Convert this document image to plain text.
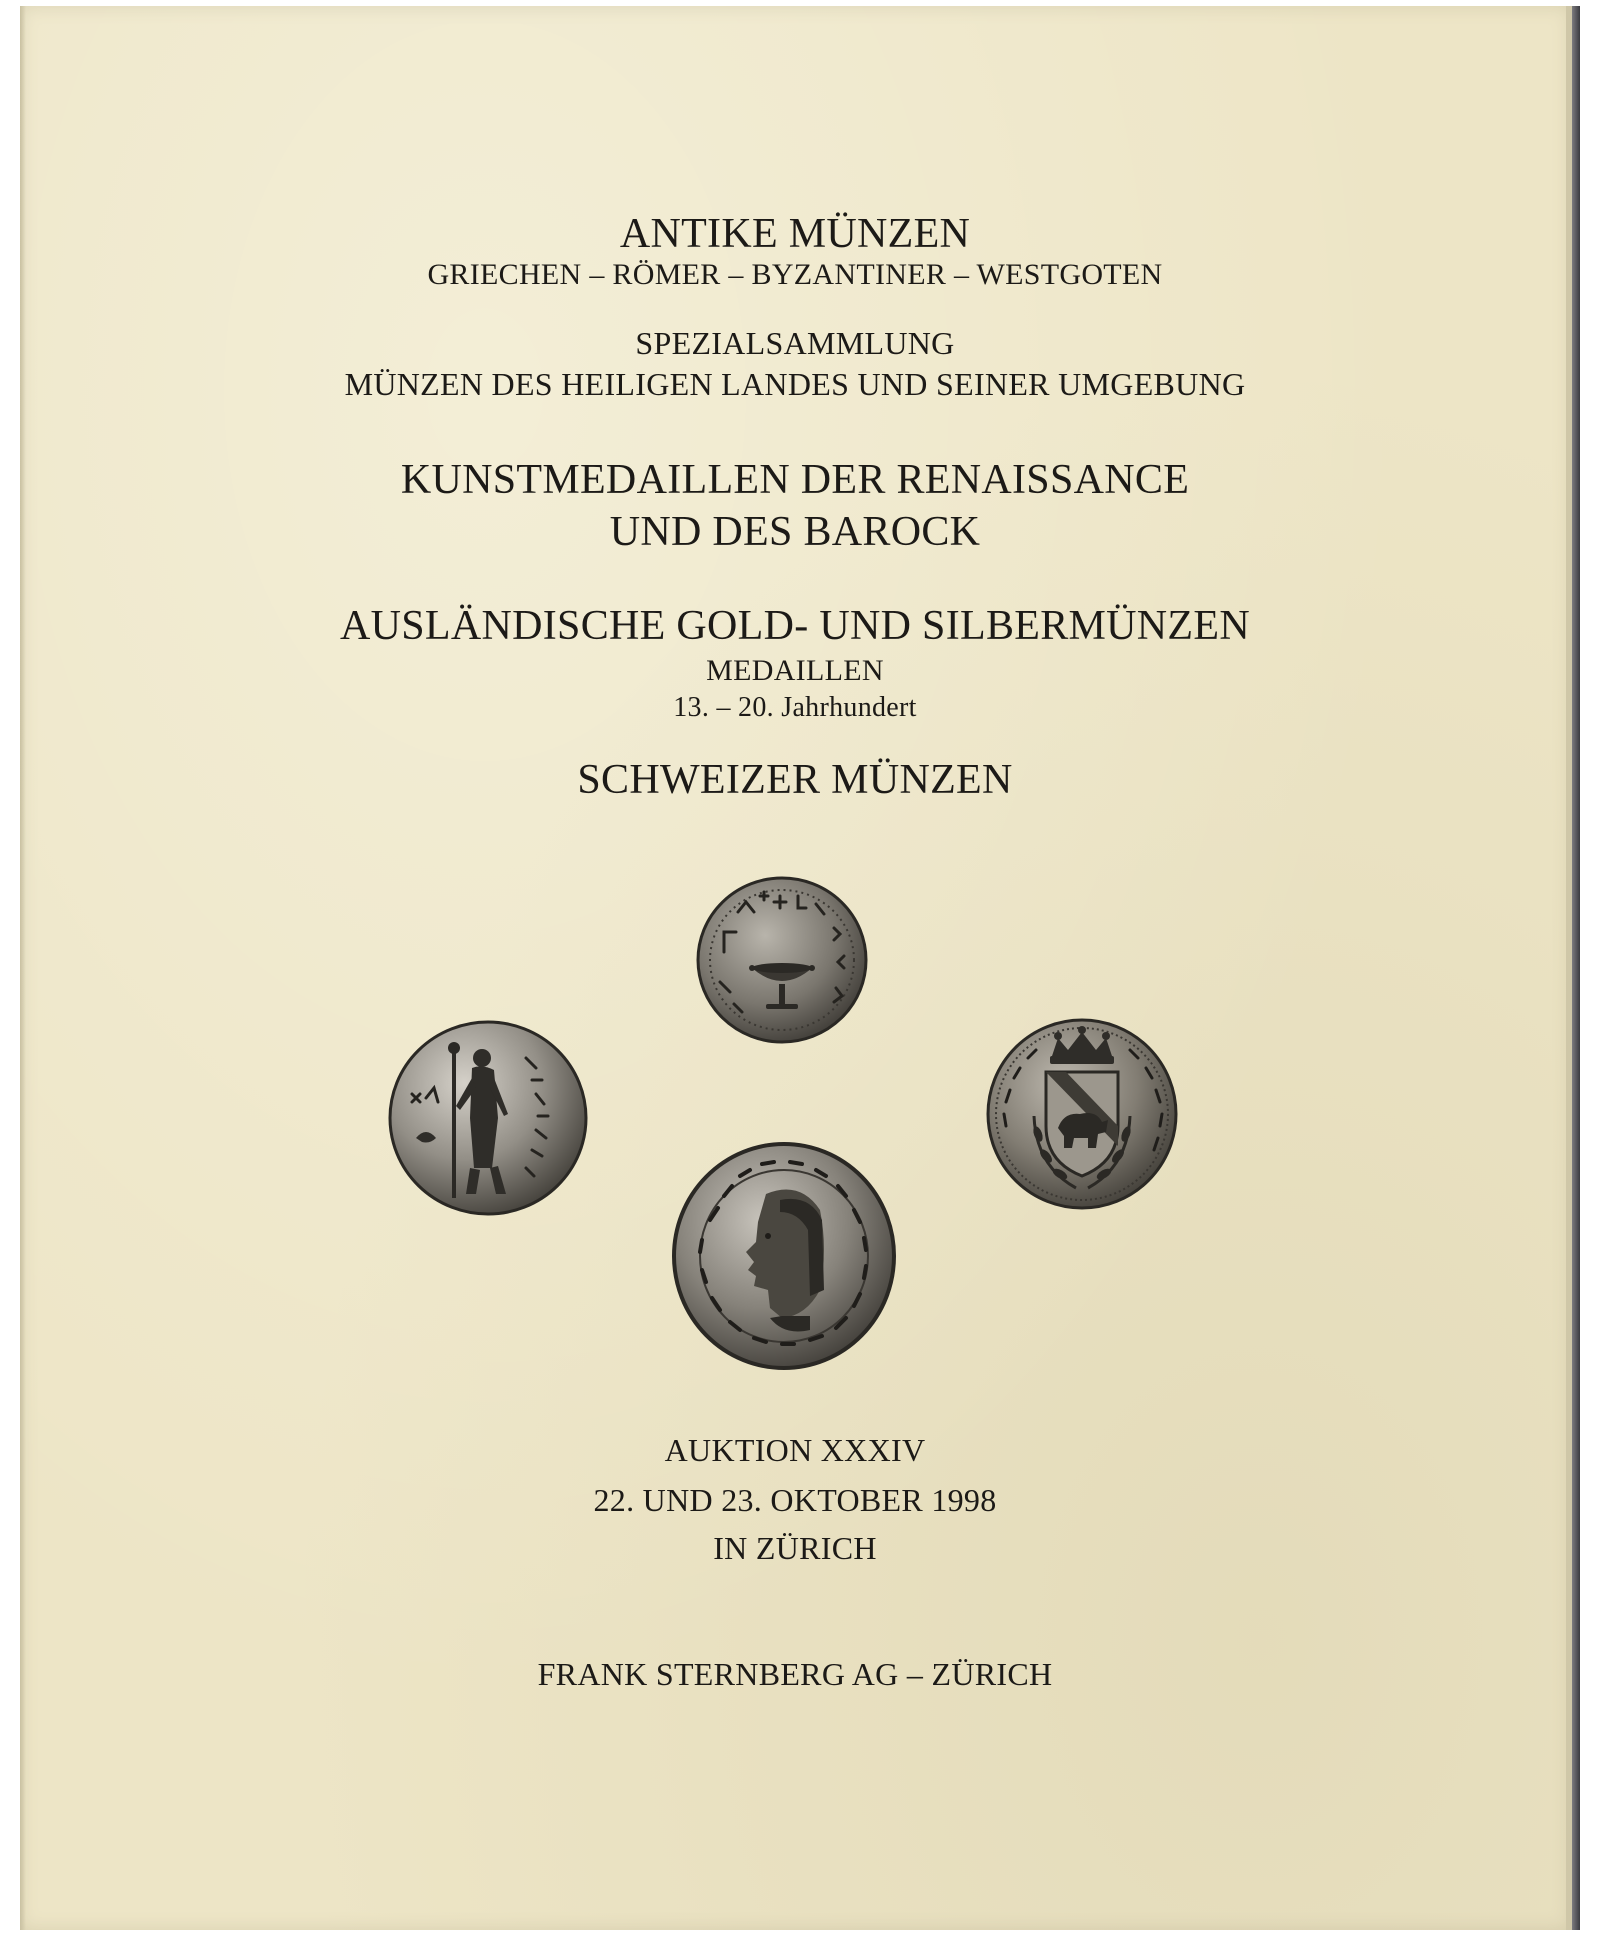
ANTIKE MÜNZEN
GRIECHEN – RÖMER – BYZANTINER – WESTGOTEN
SPEZIALSAMMLUNG
MÜNZEN DES HEILIGEN LANDES UND SEINER UMGEBUNG
KUNSTMEDAILLEN DER RENAISSANCE
UND DES BAROCK
AUSLÄNDISCHE GOLD- UND SILBERMÜNZEN
MEDAILLEN
13. – 20. Jahrhundert
SCHWEIZER MÜNZEN
AUKTION XXXIV
22. UND 23. OKTOBER 1998
IN ZÜRICH
FRANK STERNBERG AG – ZÜRICH
